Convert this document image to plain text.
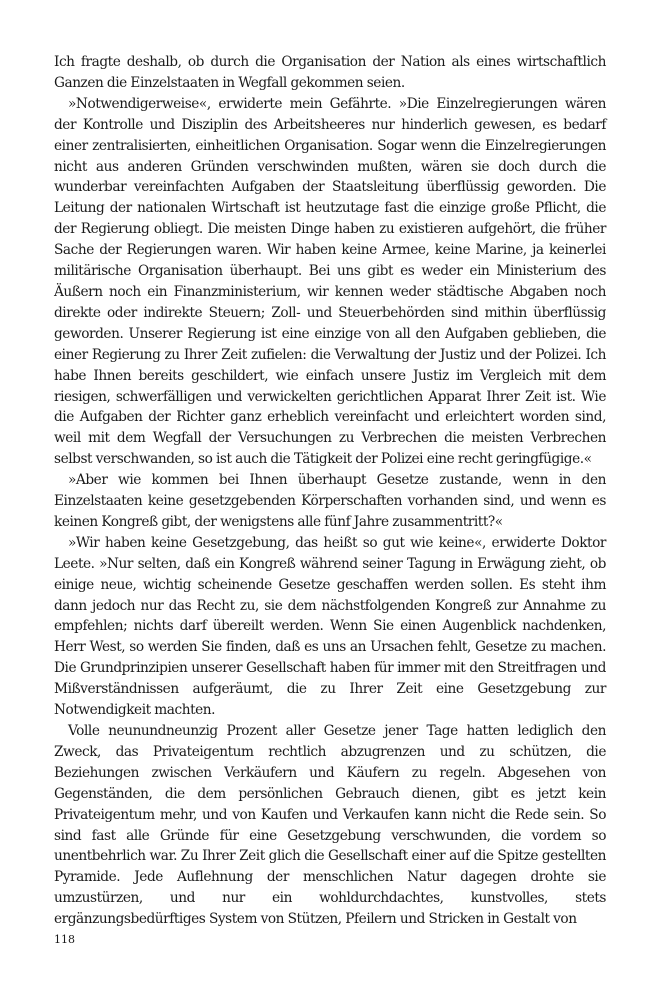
Ich fragte deshalb, ob durch die Organisation der Nation als eines wirtschaftlich Ganzen die Einzelstaaten in Wegfall gekommen seien.

»Notwendigerweise«, erwiderte mein Gefährte. »Die Einzelregierungen wären der Kontrolle und Disziplin des Arbeitsheeres nur hinderlich gewesen, es bedarf einer zentralisierten, einheitlichen Organisation. Sogar wenn die Einzelregierungen nicht aus anderen Gründen verschwinden mußten, wären sie doch durch die wunderbar vereinfachten Aufgaben der Staatsleitung überflüssig geworden. Die Leitung der nationalen Wirtschaft ist heutzutage fast die einzige große Pflicht, die der Regierung obliegt. Die meisten Dinge haben zu existieren aufgehört, die früher Sache der Regierungen waren. Wir haben keine Armee, keine Marine, ja keinerlei militärische Organisation überhaupt. Bei uns gibt es weder ein Ministerium des Äußern noch ein Finanzministerium, wir kennen weder städtische Abgaben noch direkte oder indirekte Steuern; Zoll- und Steuerbehörden sind mithin überflüssig geworden. Unserer Regierung ist eine einzige von all den Aufgaben geblieben, die einer Regierung zu Ihrer Zeit zufielen: die Verwaltung der Justiz und der Polizei. Ich habe Ihnen bereits geschildert, wie einfach unsere Justiz im Vergleich mit dem riesigen, schwerfälligen und verwickelten gerichtlichen Apparat Ihrer Zeit ist. Wie die Aufgaben der Richter ganz erheblich vereinfacht und erleichtert worden sind, weil mit dem Wegfall der Versuchungen zu Verbrechen die meisten Verbrechen selbst verschwanden, so ist auch die Tätigkeit der Polizei eine recht geringfügige.«

»Aber wie kommen bei Ihnen überhaupt Gesetze zustande, wenn in den Einzelstaaten keine gesetzgebenden Körperschaften vorhanden sind, und wenn es keinen Kongreß gibt, der wenigstens alle fünf Jahre zusammentritt?«

»Wir haben keine Gesetzgebung, das heißt so gut wie keine«, erwiderte Doktor Leete. »Nur selten, daß ein Kongreß während seiner Tagung in Erwägung zieht, ob einige neue, wichtig scheinende Gesetze geschaffen werden sollen. Es steht ihm dann jedoch nur das Recht zu, sie dem nächstfolgenden Kongreß zur Annahme zu empfehlen; nichts darf übereilt werden. Wenn Sie einen Augenblick nachdenken, Herr West, so werden Sie finden, daß es uns an Ursachen fehlt, Gesetze zu machen. Die Grundprinzipien unserer Gesellschaft haben für immer mit den Streitfragen und Mißverständnissen aufgeräumt, die zu Ihrer Zeit eine Gesetzgebung zur Notwendigkeit machten.

Volle neunundneunzig Prozent aller Gesetze jener Tage hatten lediglich den Zweck, das Privateigentum rechtlich abzugrenzen und zu schützen, die Beziehungen zwischen Verkäufern und Käufern zu regeln. Abgesehen von Gegenständen, die dem persönlichen Gebrauch dienen, gibt es jetzt kein Privateigentum mehr, und von Kaufen und Verkaufen kann nicht die Rede sein. So sind fast alle Gründe für eine Gesetzgebung verschwunden, die vordem so unentbehrlich war. Zu Ihrer Zeit glich die Gesellschaft einer auf die Spitze gestellten Pyramide. Jede Auflehnung der menschlichen Natur dagegen drohte sie umzustürzen, und nur ein wohldurchdachtes, kunstvolles, stets ergänzungsbedürftiges System von Stützen, Pfeilern und Stricken in Gestalt von

118
